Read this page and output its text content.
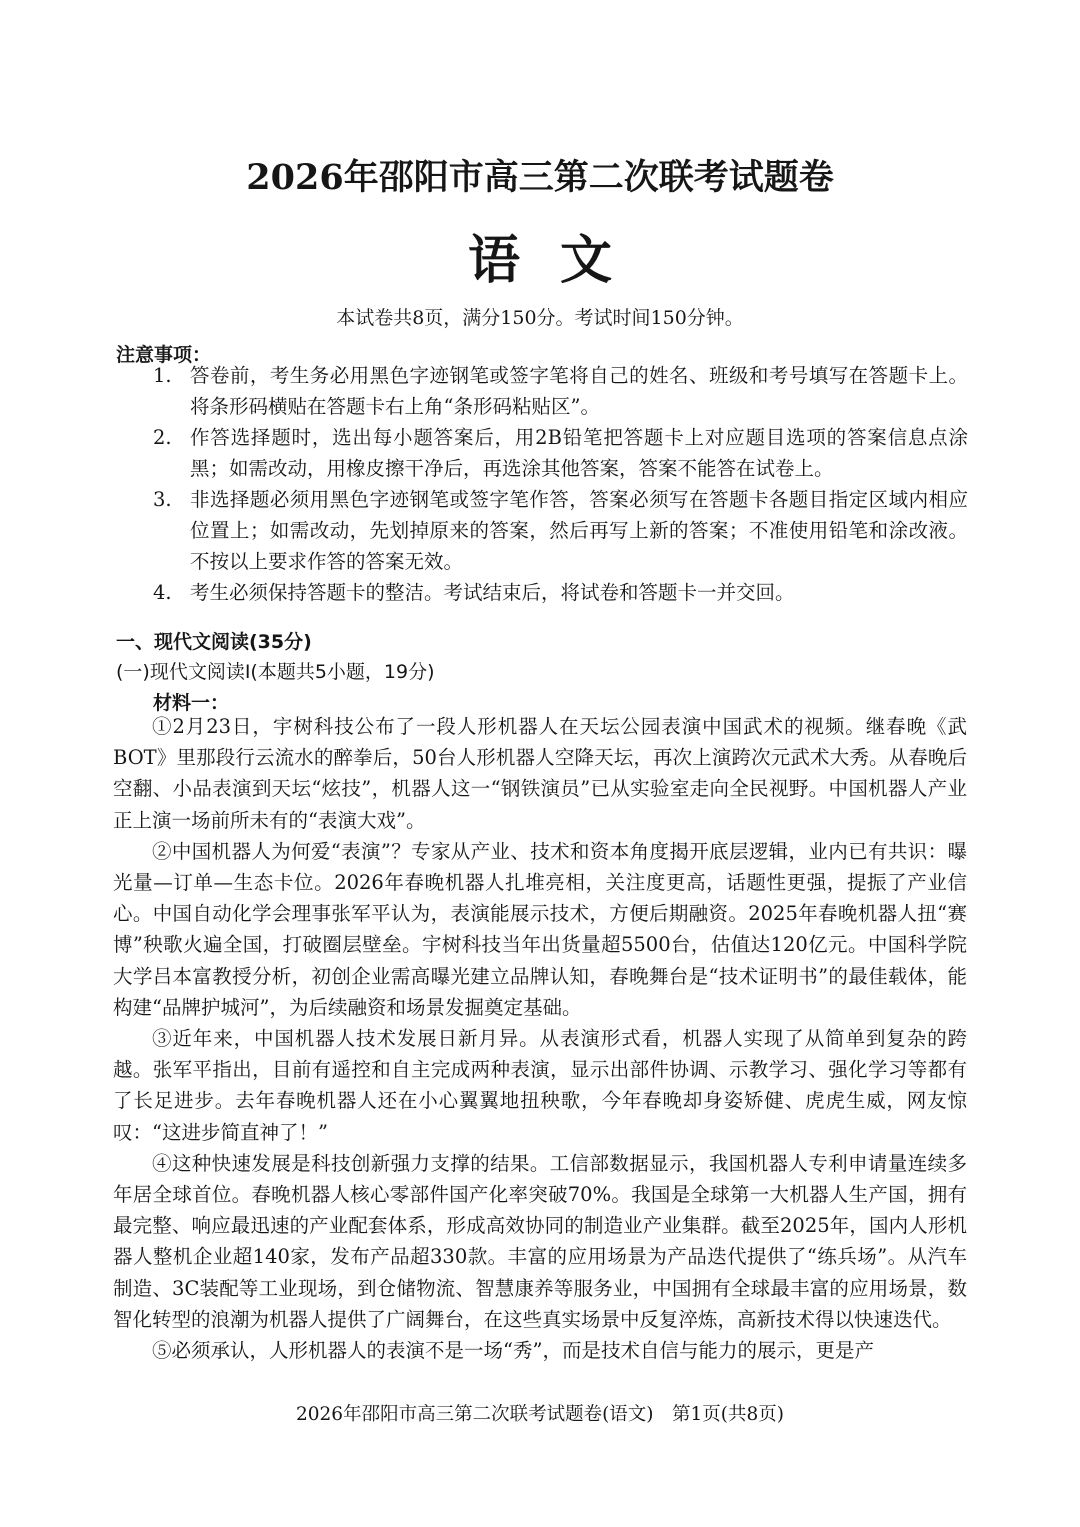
2026年邵阳市高三第二次联考试题卷
语文
本试卷共8页，满分150分。考试时间150分钟。
注意事项：
1. 答卷前，考生务必用黑色字迹钢笔或签字笔将自己的姓名、班级和考号填写在答题卡上。将条形码横贴在答题卡右上角“条形码粘贴区”。
2. 作答选择题时，选出每小题答案后，用2B铅笔把答题卡上对应题目选项的答案信息点涂黑；如需改动，用橡皮擦干净后，再选涂其他答案，答案不能答在试卷上。
3. 非选择题必须用黑色字迹钢笔或签字笔作答，答案必须写在答题卡各题目指定区域内相应位置上；如需改动，先划掉原来的答案，然后再写上新的答案；不准使用铅笔和涂改液。不按以上要求作答的答案无效。
4. 考生必须保持答题卡的整洁。考试结束后，将试卷和答题卡一并交回。
一、现代文阅读(35分)
(一)现代文阅读Ⅰ(本题共5小题，19分)
材料一：

①2月23日，宇树科技公布了一段人形机器人在天坛公园表演中国武术的视频。继春晚《武BOT》里那段行云流水的醉拳后，50台人形机器人空降天坛，再次上演跨次元武术大秀。从春晚后空翻、小品表演到天坛“炫技”，机器人这一“钢铁演员”已从实验室走向全民视野。中国机器人产业正上演一场前所未有的“表演大戏”。

②中国机器人为何爱“表演”？专家从产业、技术和资本角度揭开底层逻辑，业内已有共识：曝光量—订单—生态卡位。2026年春晚机器人扎堆亮相，关注度更高，话题性更强，提振了产业信心。中国自动化学会理事张军平认为，表演能展示技术，方便后期融资。2025年春晚机器人扭“赛博”秧歌火遍全国，打破圈层壁垒。宇树科技当年出货量超5500台，估值达120亿元。中国科学院大学吕本富教授分析，初创企业需高曝光建立品牌认知，春晚舞台是“技术证明书”的最佳载体，能构建“品牌护城河”，为后续融资和场景发掘奠定基础。

③近年来，中国机器人技术发展日新月异。从表演形式看，机器人实现了从简单到复杂的跨越。张军平指出，目前有遥控和自主完成两种表演，显示出部件协调、示教学习、强化学习等都有了长足进步。去年春晚机器人还在小心翼翼地扭秧歌，今年春晚却身姿矫健、虎虎生威，网友惊叹：“这进步简直神了！”

④这种快速发展是科技创新强力支撑的结果。工信部数据显示，我国机器人专利申请量连续多年居全球首位。春晚机器人核心零部件国产化率突破70%。我国是全球第一大机器人生产国，拥有最完整、响应最迅速的产业配套体系，形成高效协同的制造业产业集群。截至2025年，国内人形机器人整机企业超140家，发布产品超330款。丰富的应用场景为产品迭代提供了“练兵场”。从汽车制造、3C装配等工业现场，到仓储物流、智慧康养等服务业，中国拥有全球最丰富的应用场景，数智化转型的浪潮为机器人提供了广阔舞台，在这些真实场景中反复淬炼，高新技术得以快速迭代。

⑤必须承认，人形机器人的表演不是一场“秀”，而是技术自信与能力的展示，更是产

2026年邵阳市高三第二次联考试题卷(语文)　第1页(共8页)
